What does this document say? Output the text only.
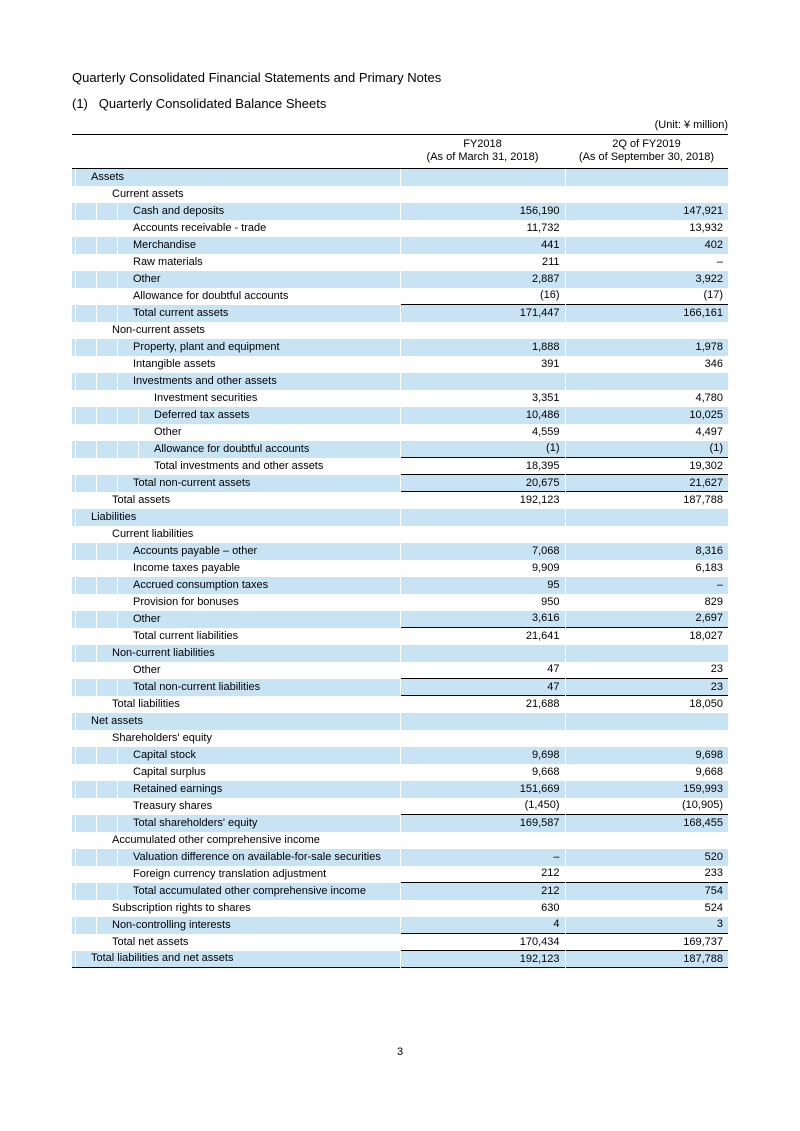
Quarterly Consolidated Financial Statements and Primary Notes
(1)   Quarterly Consolidated Balance Sheets
(Unit: ¥ million)

FY2018
(As of March 31, 2018)

2Q of FY2019
(As of September 30, 2018)

Assets		
Current assets		
Cash and deposits	156,190	147,921
Accounts receivable - trade	11,732	13,932
Merchandise	441	402
Raw materials	211	–
Other	2,887	3,922
Allowance for doubtful accounts	(16)	(17)
Total current assets	171,447	166,161
Non-current assets		
Property, plant and equipment	1,888	1,978
Intangible assets	391	346
Investments and other assets		
Investment securities	3,351	4,780
Deferred tax assets	10,486	10,025
Other	4,559	4,497
Allowance for doubtful accounts	(1)	(1)
Total investments and other assets	18,395	19,302
Total non-current assets	20,675	21,627
Total assets	192,123	187,788
Liabilities		
Current liabilities		
Accounts payable – other	7,068	8,316
Income taxes payable	9,909	6,183
Accrued consumption taxes	95	–
Provision for bonuses	950	829
Other	3,616	2,697
Total current liabilities	21,641	18,027
Non-current liabilities		
Other	47	23
Total non-current liabilities	47	23
Total liabilities	21,688	18,050
Net assets		
Shareholders' equity		
Capital stock	9,698	9,698
Capital surplus	9,668	9,668
Retained earnings	151,669	159,993
Treasury shares	(1,450)	(10,905)
Total shareholders' equity	169,587	168,455
Accumulated other comprehensive income		
Valuation difference on available-for-sale securities	–	520
Foreign currency translation adjustment	212	233
Total accumulated other comprehensive income	212	754
Subscription rights to shares	630	524
Non-controlling interests	4	3
Total net assets	170,434	169,737
Total liabilities and net assets	192,123	187,788
3
